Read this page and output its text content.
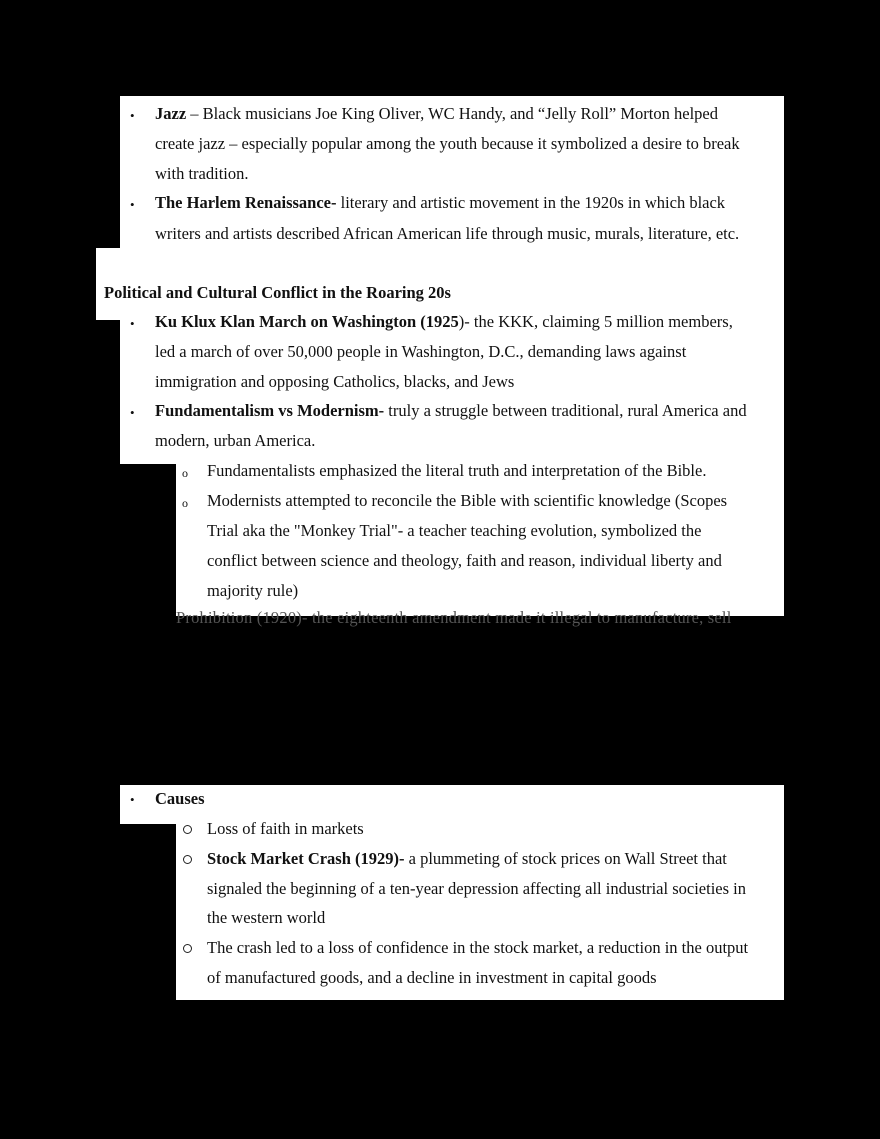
• Jazz – Black musicians Joe King Oliver, WC Handy, and “Jelly Roll” Morton helped
create jazz – especially popular among the youth because it symbolized a desire to break
with tradition.
• The Harlem Renaissance- literary and artistic movement in the 1920s in which black
writers and artists described African American life through music, murals, literature, etc.
Political and Cultural Conflict in the Roaring 20s
• Ku Klux Klan March on Washington (1925)- the KKK, claiming 5 million members,
led a march of over 50,000 people in Washington, D.C., demanding laws against
immigration and opposing Catholics, blacks, and Jews
• Fundamentalism vs Modernism- truly a struggle between traditional, rural America and
modern, urban America.
o Fundamentalists emphasized the literal truth and interpretation of the Bible.
o Modernists attempted to reconcile the Bible with scientific knowledge (Scopes
Trial aka the "Monkey Trial"- a teacher teaching evolution, symbolized the
conflict between science and theology, faith and reason, individual liberty and
majority rule)
Prohibition (1920)- the eighteenth amendment made it illegal to manufacture, sell
• Causes
Loss of faith in markets
Stock Market Crash (1929)- a plummeting of stock prices on Wall Street that
signaled the beginning of a ten-year depression affecting all industrial societies in
the western world
The crash led to a loss of confidence in the stock market, a reduction in the output
of manufactured goods, and a decline in investment in capital goods
